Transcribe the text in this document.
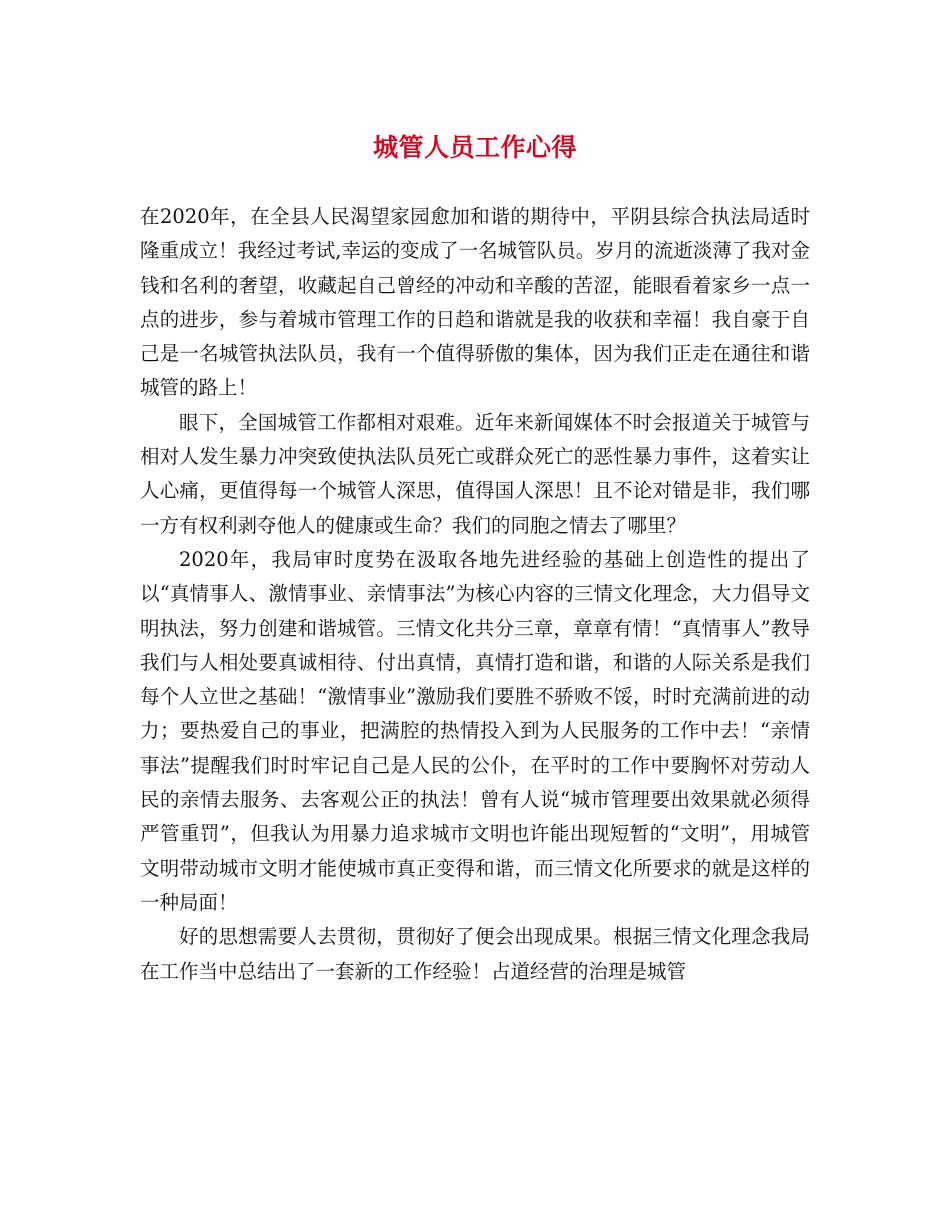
城管人员工作心得

在2020年，在全县人民渴望家园愈加和谐的期待中，平阴县综合执法局适时隆重成立！我经过考试,幸运的变成了一名城管队员。岁月的流逝淡薄了我对金钱和名利的奢望，收藏起自己曾经的冲动和辛酸的苦涩，能眼看着家乡一点一点的进步，参与着城市管理工作的日趋和谐就是我的收获和幸福！我自豪于自己是一名城管执法队员，我有一个值得骄傲的集体，因为我们正走在通往和谐城管的路上！

眼下，全国城管工作都相对艰难。近年来新闻媒体不时会报道关于城管与相对人发生暴力冲突致使执法队员死亡或群众死亡的恶性暴力事件，这着实让人心痛，更值得每一个城管人深思，值得国人深思！且不论对错是非，我们哪一方有权利剥夺他人的健康或生命？我们的同胞之情去了哪里？

2020年，我局审时度势在汲取各地先进经验的基础上创造性的提出了以“真情事人、激情事业、亲情事法”为核心内容的三情文化理念，大力倡导文明执法，努力创建和谐城管。三情文化共分三章，章章有情！“真情事人”教导我们与人相处要真诚相待、付出真情，真情打造和谐，和谐的人际关系是我们每个人立世之基础！“激情事业”激励我们要胜不骄败不馁，时时充满前进的动力；要热爱自己的事业，把满腔的热情投入到为人民服务的工作中去！“亲情事法”提醒我们时时牢记自己是人民的公仆，在平时的工作中要胸怀对劳动人民的亲情去服务、去客观公正的执法！曾有人说“城市管理要出效果就必须得严管重罚”，但我认为用暴力追求城市文明也许能出现短暂的“文明”，用城管文明带动城市文明才能使城市真正变得和谐，而三情文化所要求的就是这样的一种局面！

好的思想需要人去贯彻，贯彻好了便会出现成果。根据三情文化理念我局在工作当中总结出了一套新的工作经验！占道经营的治理是城管
